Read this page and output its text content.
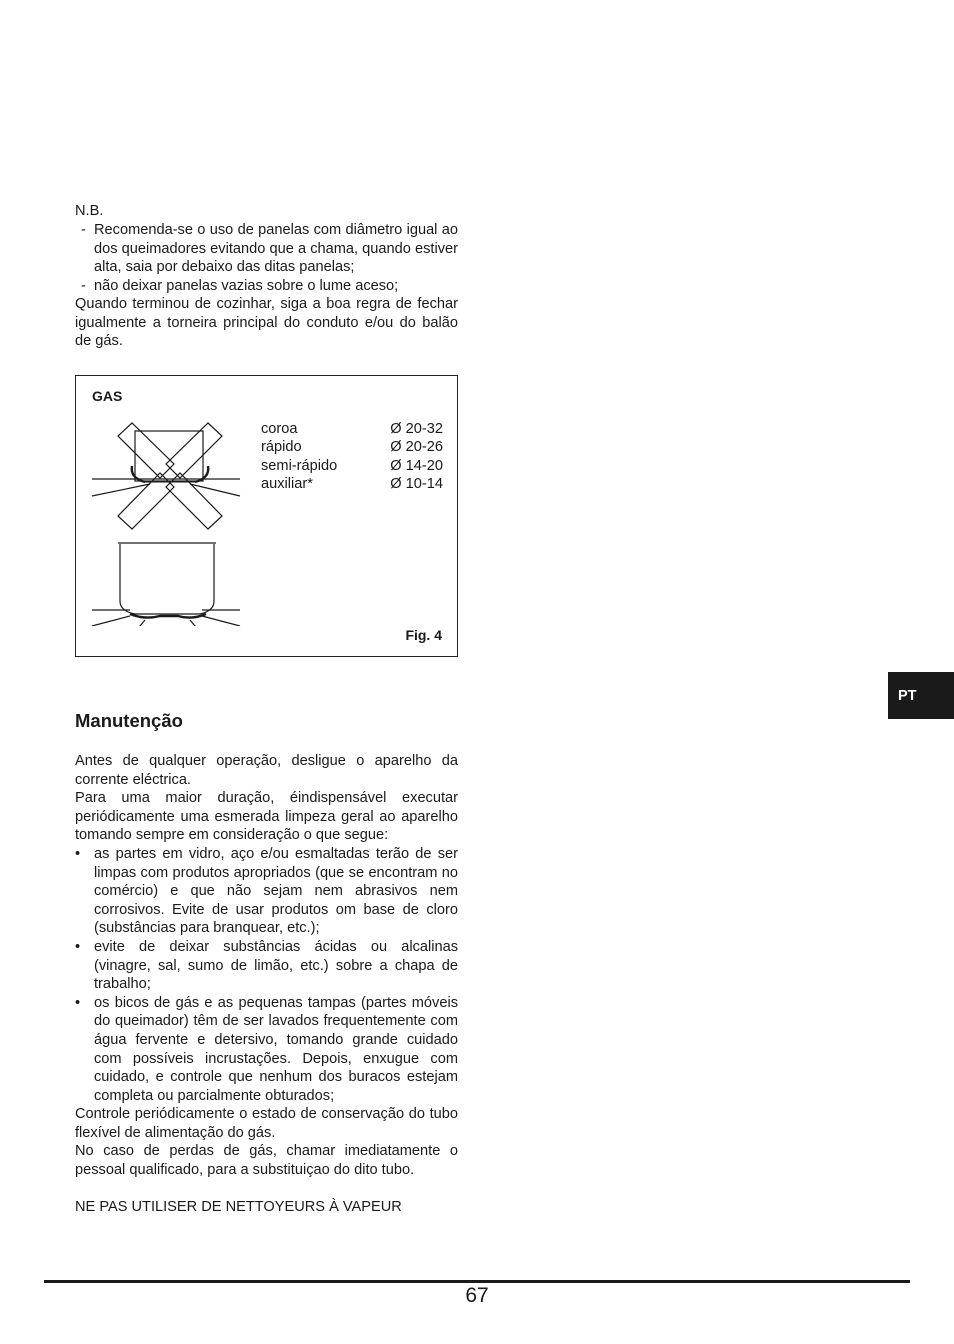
N.B.
- Recomenda-se o uso de panelas com diâmetro igual ao dos queimadores evitando que a chama, quando estiver alta, saia por debaixo das ditas panelas;
- não deixar panelas vazias sobre o lume aceso;
Quando terminou de cozinhar, siga a boa regra de fechar igualmente a torneira principal do conduto e/ou do balão de gás.
GAS
coroa	Ø 20-32
rápido	Ø 20-26
semi-rápido	Ø 14-20
auxiliar*	Ø 10-14
Fig. 4
Manutenção

Antes de qualquer operação, desligue o aparelho da corrente eléctrica.

Para uma maior duração, éindispensável executar periódicamente uma esmerada limpeza geral ao aparelho tomando sempre em consideração o que segue:

• as partes em vidro, aço e/ou esmaltadas terão de ser limpas com produtos apropriados (que se encontram no comércio) e que não sejam nem abrasivos nem corrosivos. Evite de usar produtos om base de cloro (substâncias para branquear, etc.);
• evite de deixar substâncias ácidas ou alcalinas (vinagre, sal, sumo de limão, etc.) sobre a chapa de trabalho;
• os bicos de gás e as pequenas tampas (partes móveis do queimador) têm de ser lavados frequentemente com água fervente e detersivo, tomando grande cuidado com possíveis incrustações. Depois, enxugue com cuidado, e controle que nenhum dos buracos estejam completa ou parcialmente obturados;

Controle periódicamente o estado de conservação do tubo flexível de alimentação do gás.

No caso de perdas de gás, chamar imediatamente o pessoal qualificado, para a substituiçao do dito tubo.

NE PAS UTILISER DE NETTOYEURS À VAPEUR

PT
67
